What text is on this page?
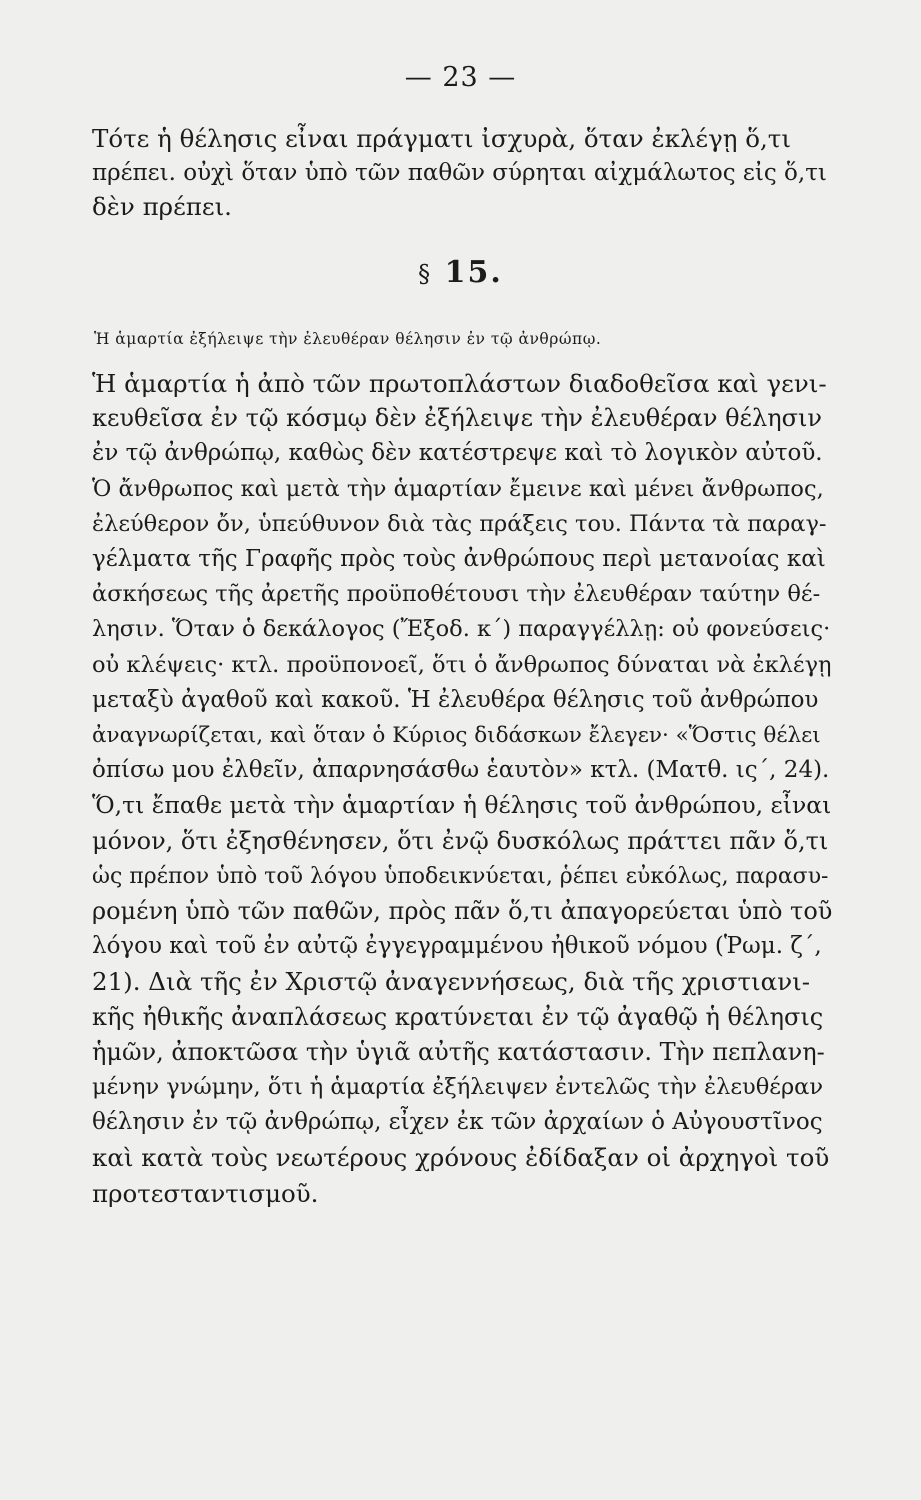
— 23 —
Τότε ἡ θέλησις εἶναι πράγματι ἰσχυρὰ, ὅταν ἐκλέγῃ ὅ,τι
πρέπει. οὐχὶ ὅταν ὑπὸ τῶν παθῶν σύρηται αἰχμάλωτος εἰς ὅ,τι
δὲν πρέπει.
§ 15.
Ἡ ἁμαρτία ἐξήλειψε τὴν ἐλευθέραν θέλησιν ἐν τῷ ἀνθρώπῳ.
Ἡ ἁμαρτία ἡ ἀπὸ τῶν πρωτοπλάστων διαδοθεῖσα καὶ γενι-
κευθεῖσα ἐν τῷ κόσμῳ δὲν ἐξήλειψε τὴν ἐλευθέραν θέλησιν
ἐν τῷ ἀνθρώπῳ, καθὼς δὲν κατέστρεψε καὶ τὸ λογικὸν αὐτοῦ.
Ὁ ἄνθρωπος καὶ μετὰ τὴν ἁμαρτίαν ἔμεινε καὶ μένει ἄνθρωπος,
ἐλεύθερον ὄν, ὑπεύθυνον διὰ τὰς πράξεις του. Πάντα τὰ παραγ-
γέλματα τῆς Γραφῆς πρὸς τοὺς ἀνθρώπους περὶ μετανοίας καὶ
ἀσκήσεως τῆς ἀρετῆς προϋποθέτουσι τὴν ἐλευθέραν ταύτην θέ-
λησιν. Ὅταν ὁ δεκάλογος (Ἔξοδ. κ΄) παραγγέλλῃ: οὐ φονεύσεις·
οὐ κλέψεις· κτλ. προϋπονοεῖ, ὅτι ὁ ἄνθρωπος δύναται νὰ ἐκλέγῃ
μεταξὺ ἀγαθοῦ καὶ κακοῦ. Ἡ ἐλευθέρα θέλησις τοῦ ἀνθρώπου
ἀναγνωρίζεται, καὶ ὅταν ὁ Κύριος διδάσκων ἔλεγεν· «Ὅστις θέλει
ὀπίσω μου ἐλθεῖν, ἀπαρνησάσθω ἑαυτὸν» κτλ. (Ματθ. ις΄, 24).
Ὅ,τι ἔπαθε μετὰ τὴν ἁμαρτίαν ἡ θέλησις τοῦ ἀνθρώπου, εἶναι
μόνον, ὅτι ἐξησθένησεν, ὅτι ἐνῷ δυσκόλως πράττει πᾶν ὅ,τι
ὡς πρέπον ὑπὸ τοῦ λόγου ὑποδεικνύεται, ῥέπει εὐκόλως, παρασυ-
ρομένη ὑπὸ τῶν παθῶν, πρὸς πᾶν ὅ,τι ἀπαγορεύεται ὑπὸ τοῦ
λόγου καὶ τοῦ ἐν αὐτῷ ἐγγεγραμμένου ἠθικοῦ νόμου (Ῥωμ. ζ΄,
21). Διὰ τῆς ἐν Χριστῷ ἀναγεννήσεως, διὰ τῆς χριστιανι-
κῆς ἠθικῆς ἀναπλάσεως κρατύνεται ἐν τῷ ἀγαθῷ ἡ θέλησις
ἡμῶν, ἀποκτῶσα τὴν ὑγιᾶ αὐτῆς κατάστασιν. Τὴν πεπλανη-
μένην γνώμην, ὅτι ἡ ἁμαρτία ἐξήλειψεν ἐντελῶς τὴν ἐλευθέραν
θέλησιν ἐν τῷ ἀνθρώπῳ, εἶχεν ἐκ τῶν ἀρχαίων ὁ Αὐγουστῖνος
καὶ κατὰ τοὺς νεωτέρους χρόνους ἐδίδαξαν οἱ ἀρχηγοὶ τοῦ
προτεσταντισμοῦ.
